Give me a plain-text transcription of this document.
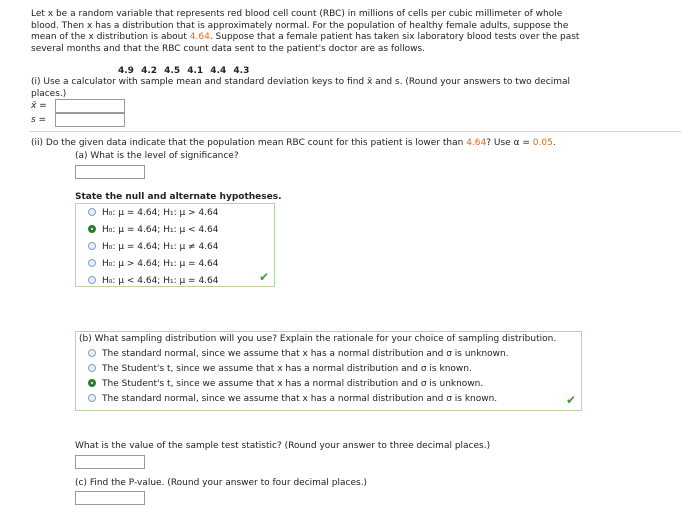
Let x be a random variable that represents red blood cell count (RBC) in millions of cells per cubic millimeter of whole
blood. Then x has a distribution that is approximately normal. For the population of healthy female adults, suppose the
mean of the x distribution is about 4.64. Suppose that a female patient has taken six laboratory blood tests over the past
several months and that the RBC count data sent to the patient's doctor are as follows.
4.9 4.2 4.5 4.1 4.4 4.3
(i) Use a calculator with sample mean and standard deviation keys to find x̄ and s. (Round your answers to two decimal
places.)
x̄ =
s =
(ii) Do the given data indicate that the population mean RBC count for this patient is lower than 4.64? Use α = 0.05.
(a) What is the level of significance?
State the null and alternate hypotheses.
H₀: μ = 4.64; H₁: μ > 4.64
H₀: μ = 4.64; H₁: μ < 4.64
H₀: μ = 4.64; H₁: μ ≠ 4.64
H₀: μ > 4.64; H₁: μ = 4.64
H₀: μ < 4.64; H₁: μ = 4.64	✔
(b) What sampling distribution will you use? Explain the rationale for your choice of sampling distribution.
The standard normal, since we assume that x has a normal distribution and σ is unknown.
The Student's t, since we assume that x has a normal distribution and σ is known.
The Student's t, since we assume that x has a normal distribution and σ is unknown.
The standard normal, since we assume that x has a normal distribution and σ is known.	✔
What is the value of the sample test statistic? (Round your answer to three decimal places.)
(c) Find the P-value. (Round your answer to four decimal places.)
